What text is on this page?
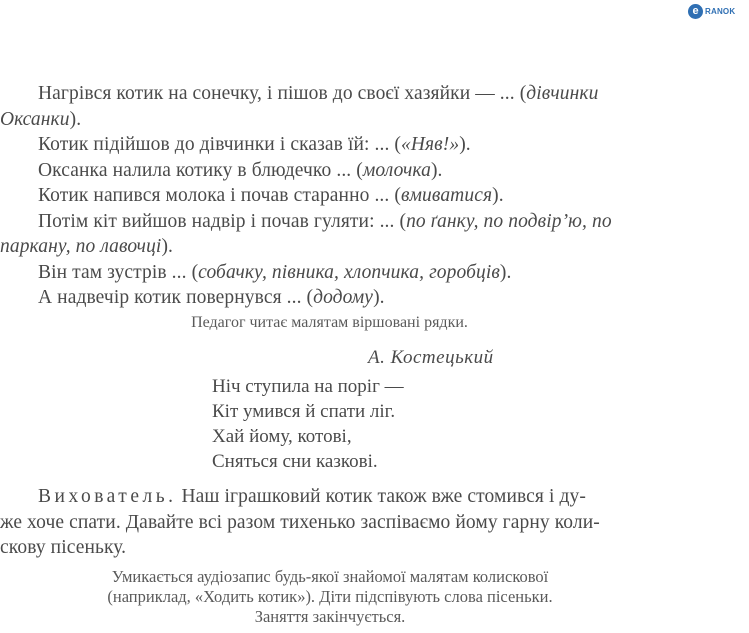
e RANOK
Нагрівся котик на сонечку, і пішов до своєї хазяйки — ... (дівчинки
Оксанки).
Котик підійшов до дівчинки і сказав їй: ... («Няв!»).
Оксанка налила котику в блюдечко ... (молочка).
Котик напився молока і почав старанно ... (вмиватися).
Потім кіт вийшов надвір і почав гуляти: ... (по ґанку, по подвір’ю, по
паркану, по лавочці).
Він там зустрів ... (собачку, півника, хлопчика, горобців).
А надвечір котик повернувся ... (додому).
Педагог читає малятам віршовані рядки.
А. Костецький
Ніч ступила на поріг —
Кіт умився й спати ліг.
Хай йому, котові,
Сняться сни казкові.
Вихователь. Наш іграшковий котик також вже стомився і ду-
же хоче спати. Давайте всі разом тихенько заспіваємо йому гарну коли-
скову пісеньку.
Умикається аудіозапис будь-якої знайомої малятам колискової
(наприклад, «Ходить котик»). Діти підспівують слова пісеньки.
Заняття закінчується.
